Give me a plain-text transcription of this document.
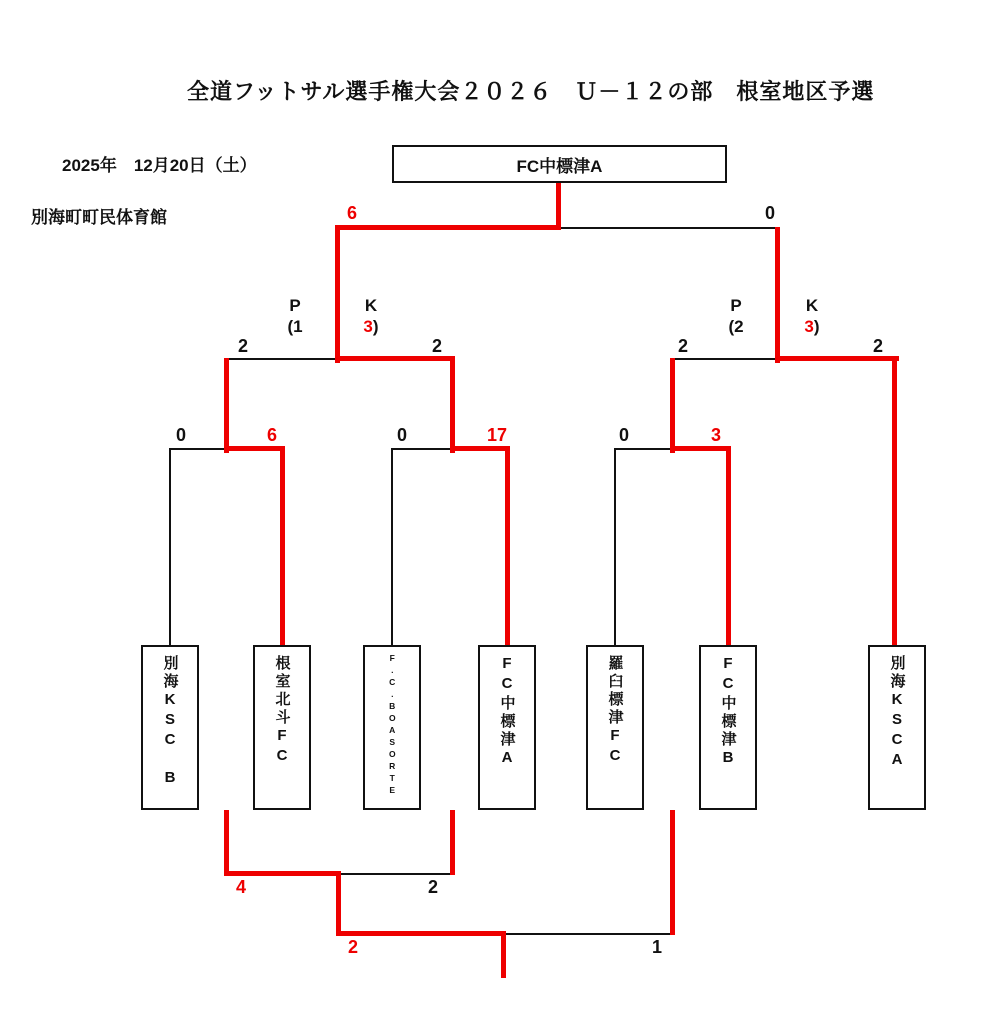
全道フットサル選手権大会２０２６　Ｕ－１２の部　根室地区予選
2025年　12月20日（土）
別海町町民体育館
FC中標津A
6	0
2	2	2	2
0	6	0	17	0	3
4	2
2	1
P
(1
K
3)
P
(2
K
3)
別海KSC　B	根室北斗FC	F.C.BOASORTE	FC中標津A	羅臼標津FC	FC中標津B	別海KSCA
